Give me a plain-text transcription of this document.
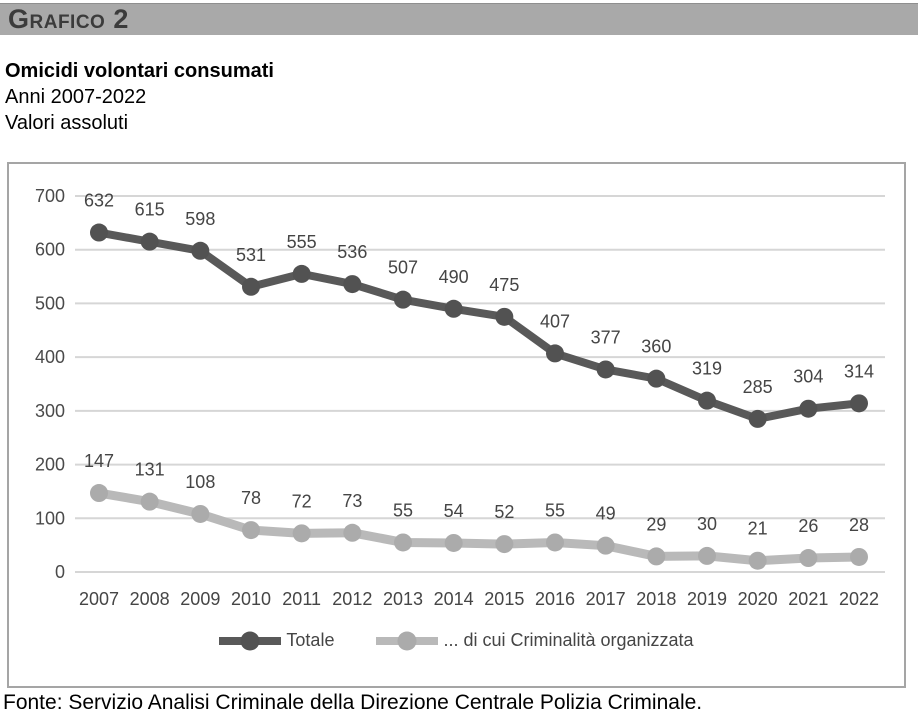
Grafico 2
Omicidi volontari consumati
Anni 2007-2022
Valori assoluti
0
100
200
300
400
500
600
700
2007 2008 2009 2010 2011 2012 2013 2014 2015 2016 2017 2018 2019 2020 2021 2022
147 131
108
78 72 73 55 54 52 55 49
29 30 21 26 28
632 615 598
531
555
536
507 490 475
407
377 360
319
285
304 314
Totale	... di cui Criminalità organizzata
Fonte: Servizio Analisi Criminale della Direzione Centrale Polizia Criminale.
